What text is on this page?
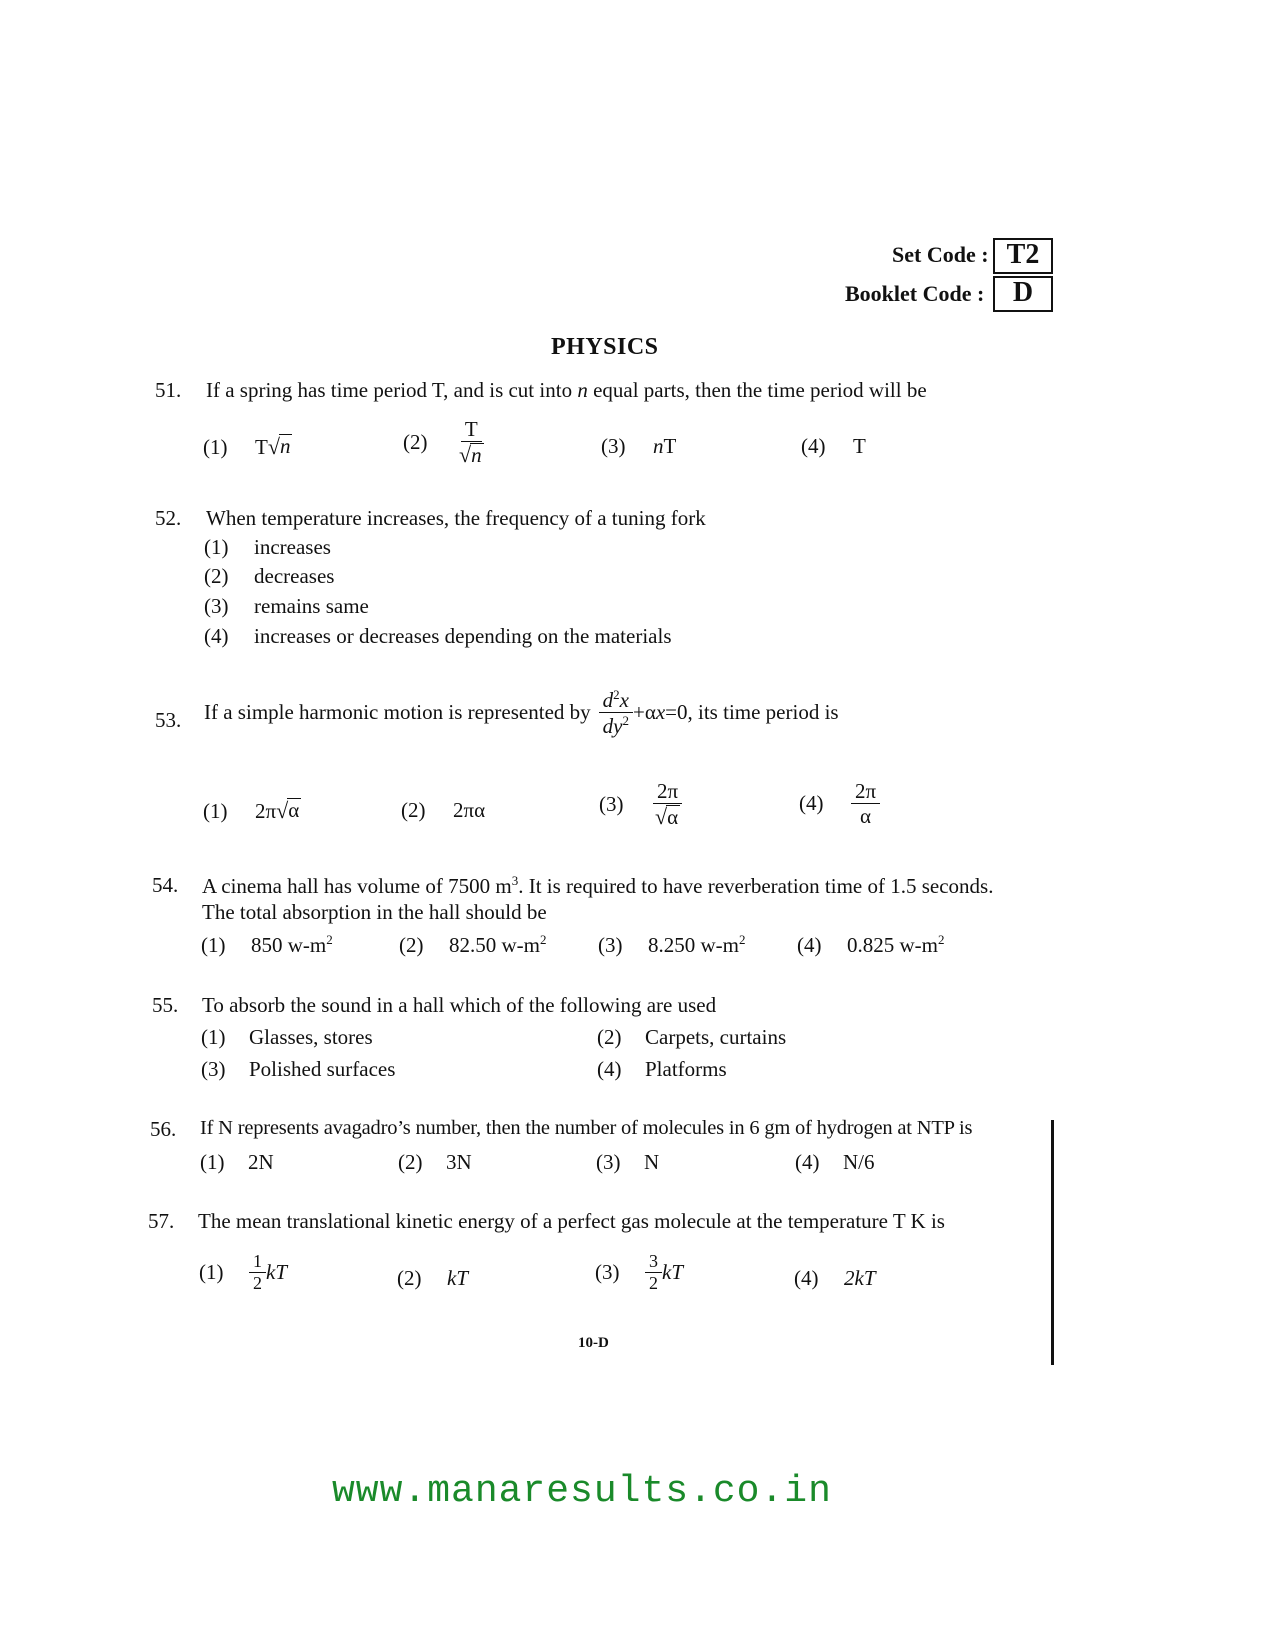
Set Code : T2
Booklet Code :	D
PHYSICS
51. If a spring has time period T, and is cut into n equal parts, then the time period will be
(1) T √ n	$(2) \frac{T}{√ n}$	(3) nT	(4) T
52. When temperature increases, the frequency of a tuning fork
(1) increases
(2) decreases
(3) remains same
(4) increases or decreases depending on the materials
53. If a simple harmonic motion is represented by $\frac{d^2x}{dy^2} +\alpha x=0$ , its time period is
(1) 2π √ α	(2) 2πα	$(3) \frac{2\pi}{√ \alpha}$	$(4) \frac{2\pi}{\alpha}$
54. A cinema hall has volume of 7500 $m^3$. It is required to have reverberation time of 1.5 seconds.
The total absorption in the hall should be
(1) 850 $w-m^2$	(2) 82.50 $w-m^2$ (3) 8.250 $w-m^2$ (4) 0.825 $w-m^2$
55. To absorb the sound in a hall which of the following are used
(1) Glasses, stores	(2) Carpets, curtains
(3) Polished surfaces	(4) Platforms
56. If N represents avagadro’s number, then the number of molecules in 6 gm of hydrogen at NTP is
(1) 2N	(2) 3N	(3) N	(4) N/6
57. The mean translational kinetic energy of a perfect gas molecule at the temperature T K is
$(1) \frac{1}{2}$ kT	(2) kT	$(3) \frac{3}{2}$ kT	(4) 2kT
10-D
www.manaresults.co.in
